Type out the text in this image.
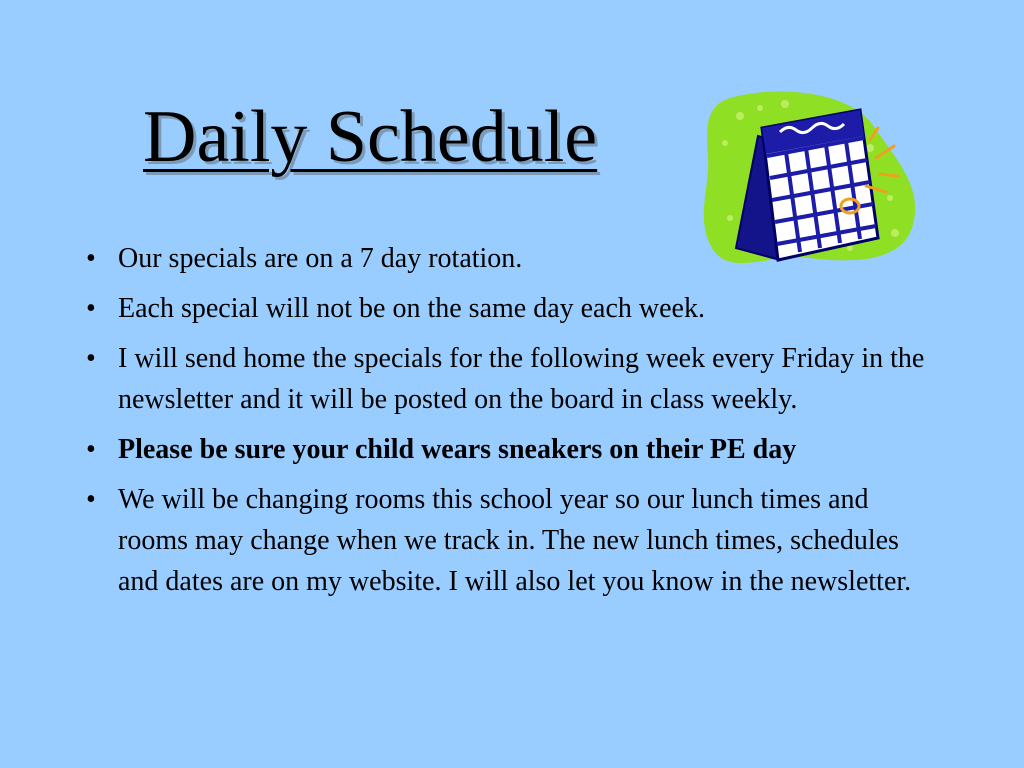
Daily Schedule
• Our specials are on a 7 day rotation.
• Each special will not be on the same day each week.
• I will send home the specials for the following week every Friday in the newsletter and it will be posted on the board in class weekly.
• Please be sure your child wears sneakers on their PE day
• We will be changing rooms this school year so our lunch times and rooms may change when we track in. The new lunch times, schedules and dates are on my website. I will also let you know in the newsletter.
